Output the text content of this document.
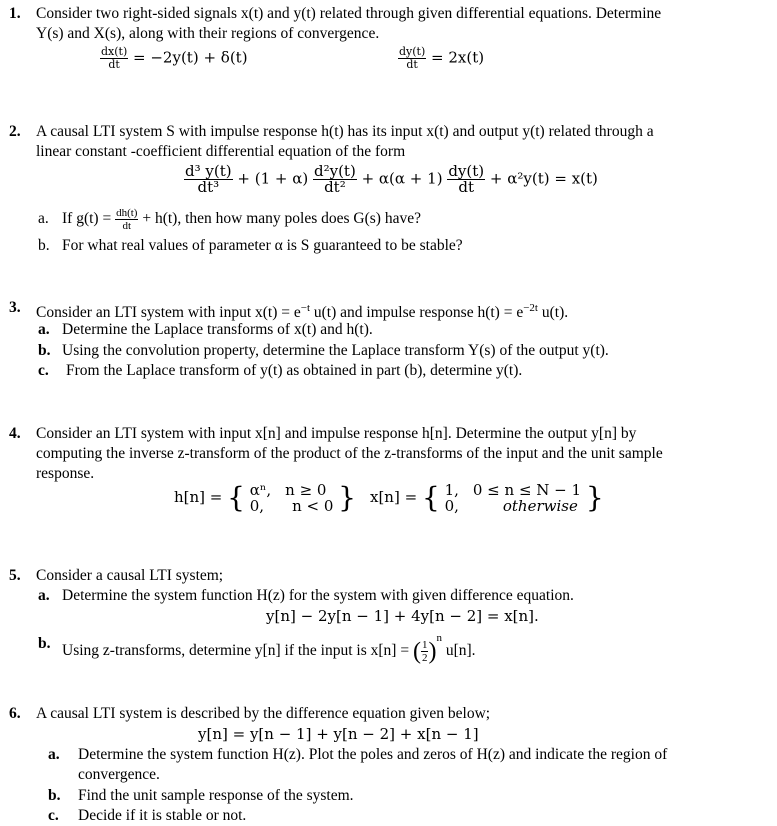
1. Consider two right-sided signals x(t) and y(t) related through given differential equations. Determine
Y(s) and X(s), along with their regions of convergence.
$\frac{dx(t)}{dt} = -2y(t) + \delta(t)$	$\frac{dy(t)}{dt} = 2x(t)$
2. A causal LTI system S with impulse response h(t) has its input x(t) and output y(t) related through a
linear constant -coefficient differential equation of the form
$\frac{\text{d³ y(t)}}{\text{dt³}} + (1 + \alpha) \frac{\text{d²y(t)}}{\text{dt²}} + \alpha(\alpha + 1) \frac{dy(t)}{dt} + \alpha^2y(t) = x(t)$
a. If $g(t) = \frac{dh(t)}{dt} + h(t)$, then how many poles does G(s) have?
b. For what real values of parameter α is S guaranteed to be stable?
3. Consider an LTI system with input $x(t) = e^{-t}$ u(t) and impulse response $h(t) = e^{-2t}$ u(t).
a. Determine the Laplace transforms of x(t) and h(t).
b. Using the convolution property, determine the Laplace transform Y(s) of the output y(t).
c. From the Laplace transform of y(t) as obtained in part (b), determine y(t).
4. Consider an LTI system with input x[n] and impulse response h[n]. Determine the output y[n] by
computing the inverse z-transform of the product of the z-transforms of the input and the unit sample
response.
h[n] = { αⁿ, n ≥ 0
0,	n < 0 } x[n] = { 1, 0 ≤ n ≤ N − 1
0,	otherwise }
5. Consider a causal LTI system;
a. Determine the system function H(z) for the system with given difference equation.
y[n] − 2y[n − 1] + 4y[n − 2] = x[n].
b. Using z-transforms, determine y[n] if the input is x[n] = ( $\frac{1}{2} )^n$ u[n].
6. A causal LTI system is described by the difference equation given below;
y[n] = y[n − 1] + y[n − 2] + x[n − 1]
a. Determine the system function H(z). Plot the poles and zeros of H(z) and indicate the region of
convergence.
b. Find the unit sample response of the system.
c. Decide if it is stable or not.
